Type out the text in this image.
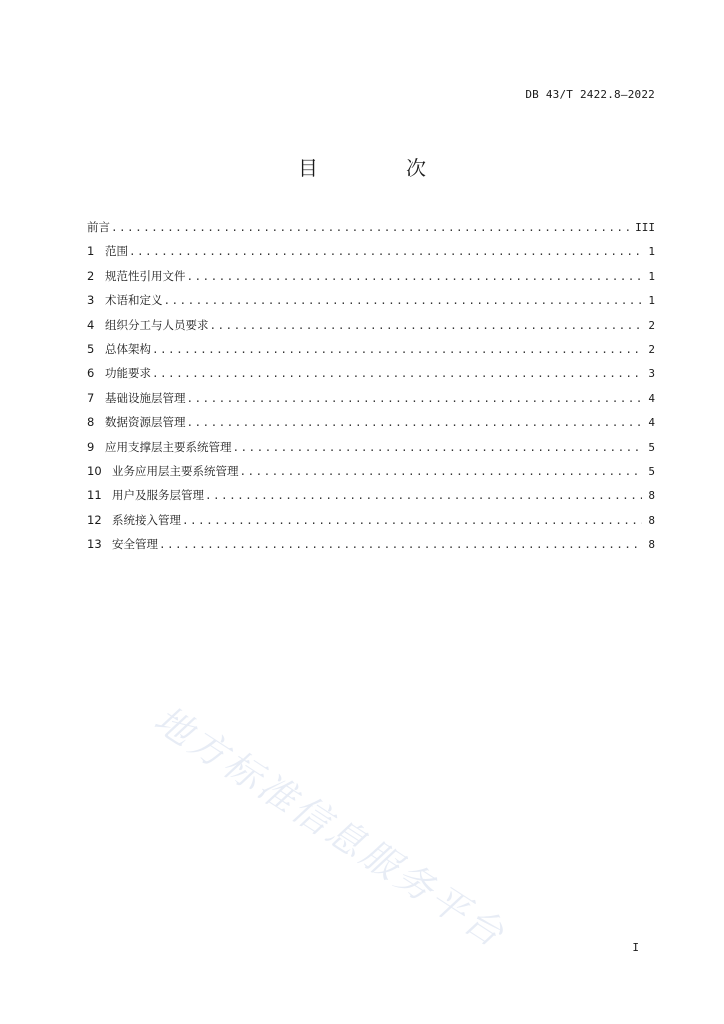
DB 43/T 2422.8—2022
目　次
前言 .....	III
1 范围 .....	1
2 规范性引用文件 .....	1
3 术语和定义 .....	1
4 组织分工与人员要求 .....	2
5 总体架构 .....	2
6 功能要求 .....	3
7 基础设施层管理 .....	4
8 数据资源层管理 .....	4
9 应用支撑层主要系统管理 .....	5
10 业务应用层主要系统管理 .....	5
11 用户及服务层管理 .....	8
12 系统接入管理 .....	8
13 安全管理 .....	8
地方标准信息服务平台	I
